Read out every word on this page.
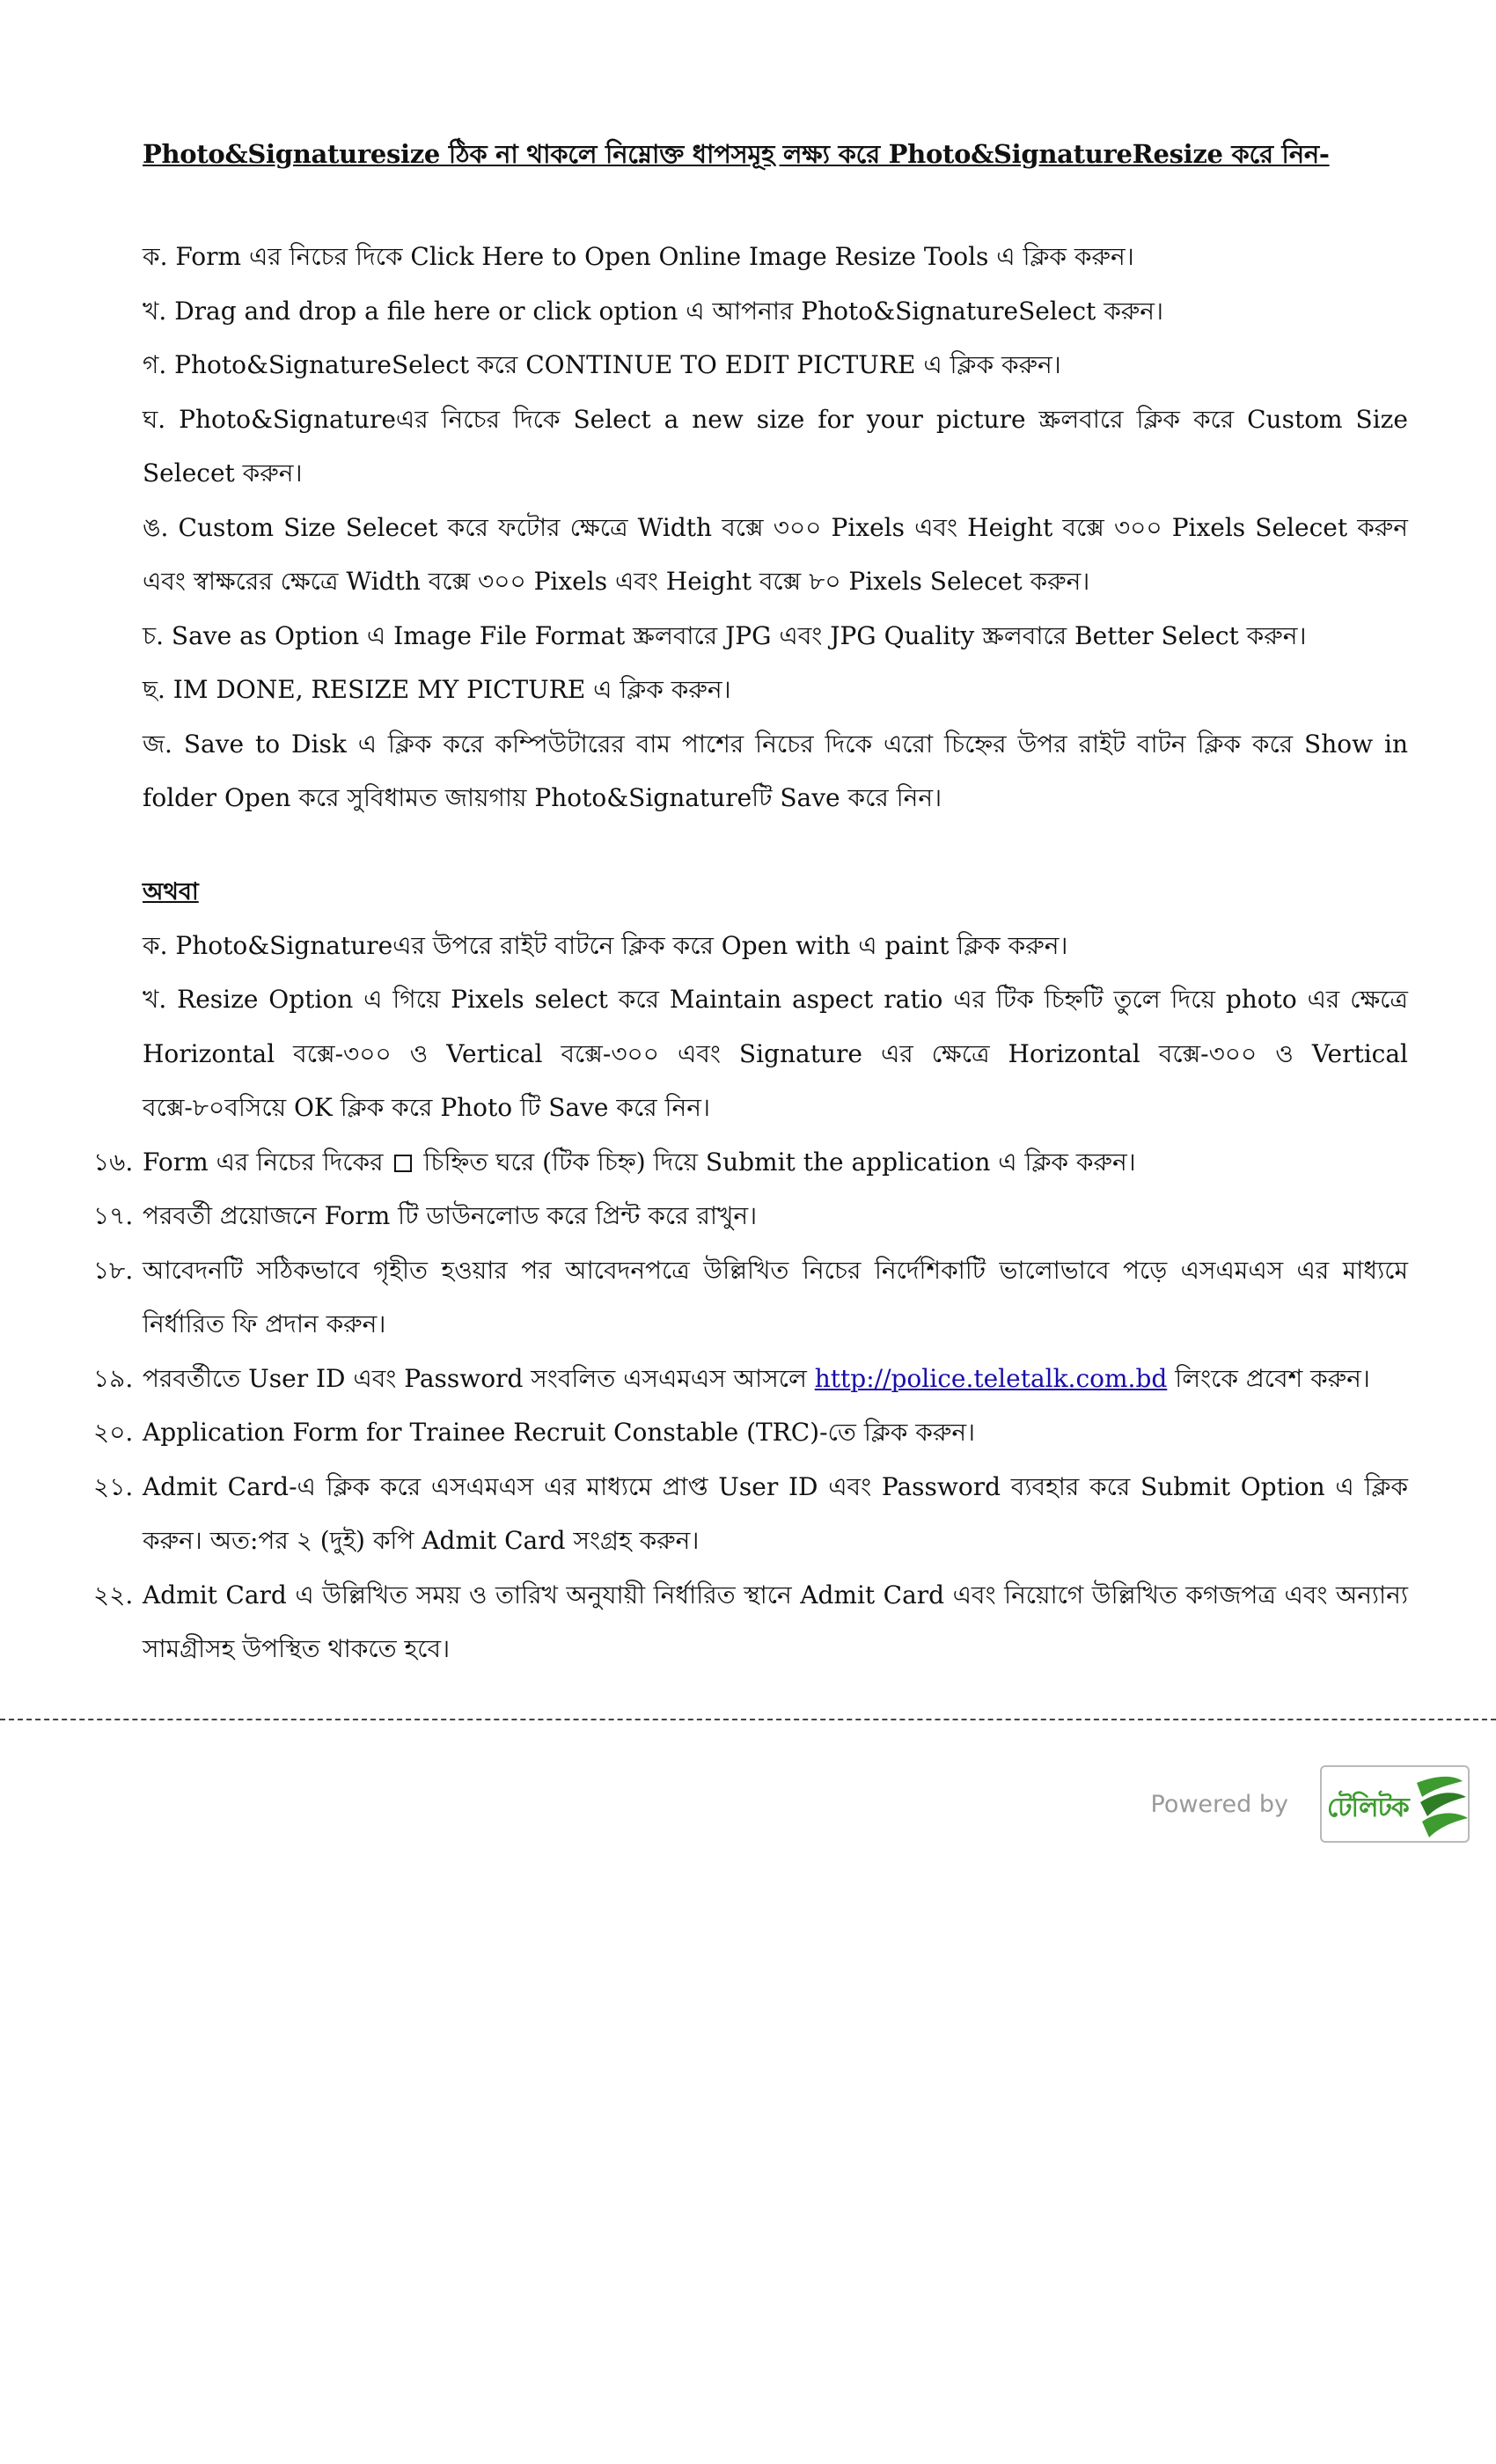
Photo&Signaturesize ঠিক না থাকলে নিম্নোক্ত ধাপসমূহ লক্ষ্য করে Photo&SignatureResize করে নিন-

ক. Form এর নিচের দিকে Click Here to Open Online Image Resize Tools এ ক্লিক করুন।

খ. Drag and drop a file here or click option এ আপনার Photo&SignatureSelect করুন।

গ. Photo&SignatureSelect করে CONTINUE TO EDIT PICTURE এ ক্লিক করুন।

ঘ. Photo&Signatureএর নিচের দিকে Select a new size for your picture স্ক্রলবারে ক্লিক করে Custom Size Selecet করুন।

ঙ. Custom Size Selecet করে ফটোর ক্ষেত্রে Width বক্সে ৩০০ Pixels এবং Height বক্সে ৩০০ Pixels Selecet করুন এবং স্বাক্ষরের ক্ষেত্রে Width বক্সে ৩০০ Pixels এবং Height বক্সে ৮০ Pixels Selecet করুন।

চ. Save as Option এ Image File Format স্ক্রলবারে JPG এবং JPG Quality স্ক্রলবারে Better Select করুন।

ছ. IM DONE, RESIZE MY PICTURE এ ক্লিক করুন।

জ. Save to Disk এ ক্লিক করে কম্পিউটারের বাম পাশের নিচের দিকে এরো চিহ্নের উপর রাইট বাটন ক্লিক করে Show in folder Open করে সুবিধামত জায়গায় Photo&Signatureটি Save করে নিন।

অথবা

ক. Photo&Signatureএর উপরে রাইট বাটনে ক্লিক করে Open with এ paint ক্লিক করুন।

খ. Resize Option এ গিয়ে Pixels select করে Maintain aspect ratio এর টিক চিহ্নটি তুলে দিয়ে photo এর ক্ষেত্রে Horizontal বক্সে-৩০০ ও Vertical বক্সে-৩০০ এবং Signature এর ক্ষেত্রে Horizontal বক্সে-৩০০ ও Vertical বক্সে-৮০বসিয়ে OK ক্লিক করে Photo টি Save করে নিন।

১৬. Form এর নিচের দিকের চিহ্নিত ঘরে (টিক চিহ্ন) দিয়ে Submit the application এ ক্লিক করুন।
১৭. পরবর্তী প্রয়োজনে Form টি ডাউনলোড করে প্রিন্ট করে রাখুন।
১৮. আবেদনটি সঠিকভাবে গৃহীত হওয়ার পর আবেদনপত্রে উল্লিখিত নিচের নির্দেশিকাটি ভালোভাবে পড়ে এসএমএস এর মাধ্যমে নির্ধারিত ফি প্রদান করুন।
১৯. পরবর্তীতে User ID এবং Password সংবলিত এসএমএস আসলে http://police.teletalk.com.bd লিংকে প্রবেশ করুন।
২০. Application Form for Trainee Recruit Constable (TRC)-তে ক্লিক করুন।
২১. Admit Card-এ ক্লিক করে এসএমএস এর মাধ্যমে প্রাপ্ত User ID এবং Password ব্যবহার করে Submit Option এ ক্লিক করুন। অত:পর ২ (দুই) কপি Admit Card সংগ্রহ করুন।
২২. Admit Card এ উল্লিখিত সময় ও তারিখ অনুযায়ী নির্ধারিত স্থানে Admit Card এবং নিয়োগে উল্লিখিত কগজপত্র এবং অন্যান্য সামগ্রীসহ উপস্থিত থাকতে হবে।
Powered by টেলিটক
